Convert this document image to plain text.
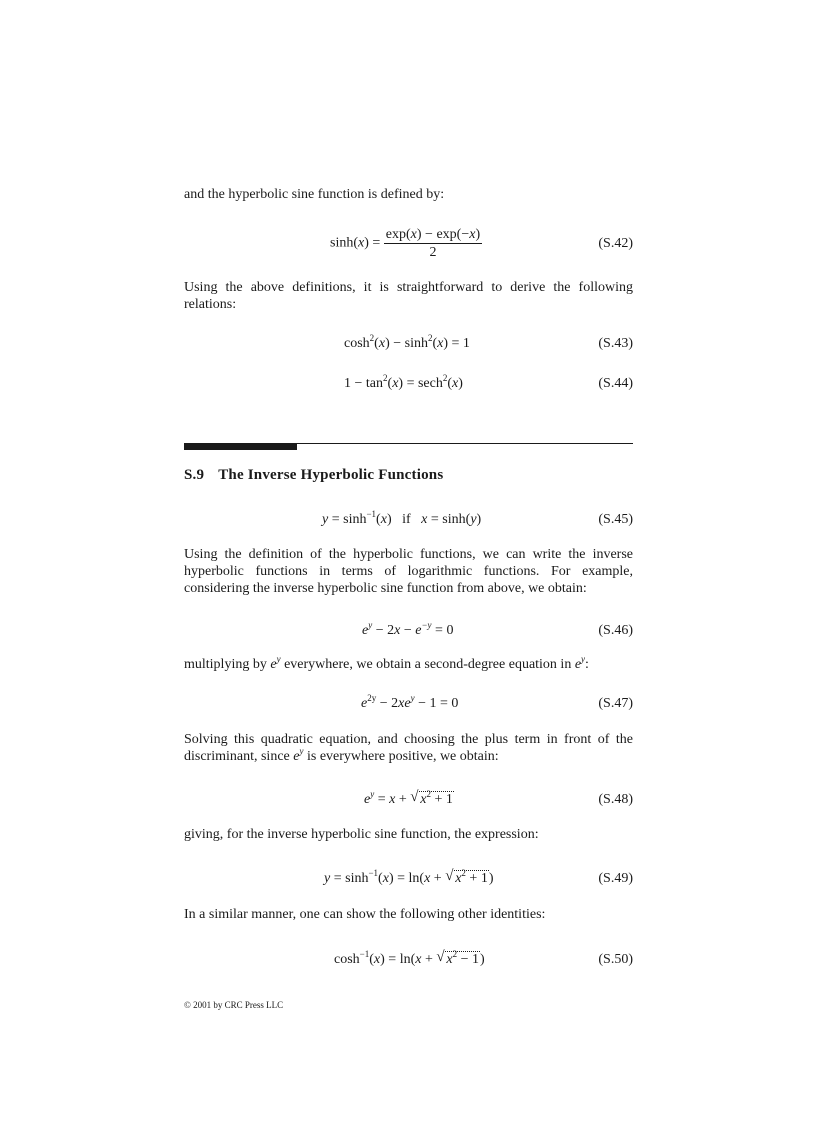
and the hyperbolic sine function is defined by:
$\sinh(x) = \frac{\exp(x) - \exp(-x)}{2}$	(S.42)
Using the above definitions, it is straightforward to derive the following relations:
$\cosh^2(x) - \sinh^2(x) = 1$	(S.43)
$1 - \tan^2(x) = \sec h^2(x)$	(S.44)
S.9 The Inverse Hyperbolic Functions
$y = \sinh^{-1}(x)$   if x = sinh(y)	(S.45)
Using the definition of the hyperbolic functions, we can write the inverse hyperbolic functions in terms of logarithmic functions. For example, considering the inverse hyperbolic sine function from above, we obtain:
$e^y - 2x - e^{-y} = 0$	(S.46)
multiplying by $e^y$ everywhere, we obtain a second-degree equation in $e^y$:
$e^{2y} - 2xe^y - 1 = 0$	(S.47)
Solving this quadratic equation, and choosing the plus term in front of the discriminant, since $e^y$ is everywhere positive, we obtain:
$e^y = x$ + √ $x^2 + 1$	(S.48)
giving, for the inverse hyperbolic sine function, the expression:
$y = \sinh^{-1}(x) = \ln(x$ + √ $x^2 + 1$)	(S.49)
In a similar manner, one can show the following other identities:
$\cosh^{-1}(x) = \ln(x$ + √ $x^2 - 1$)	(S.50)
© 2001 by CRC Press LLC
